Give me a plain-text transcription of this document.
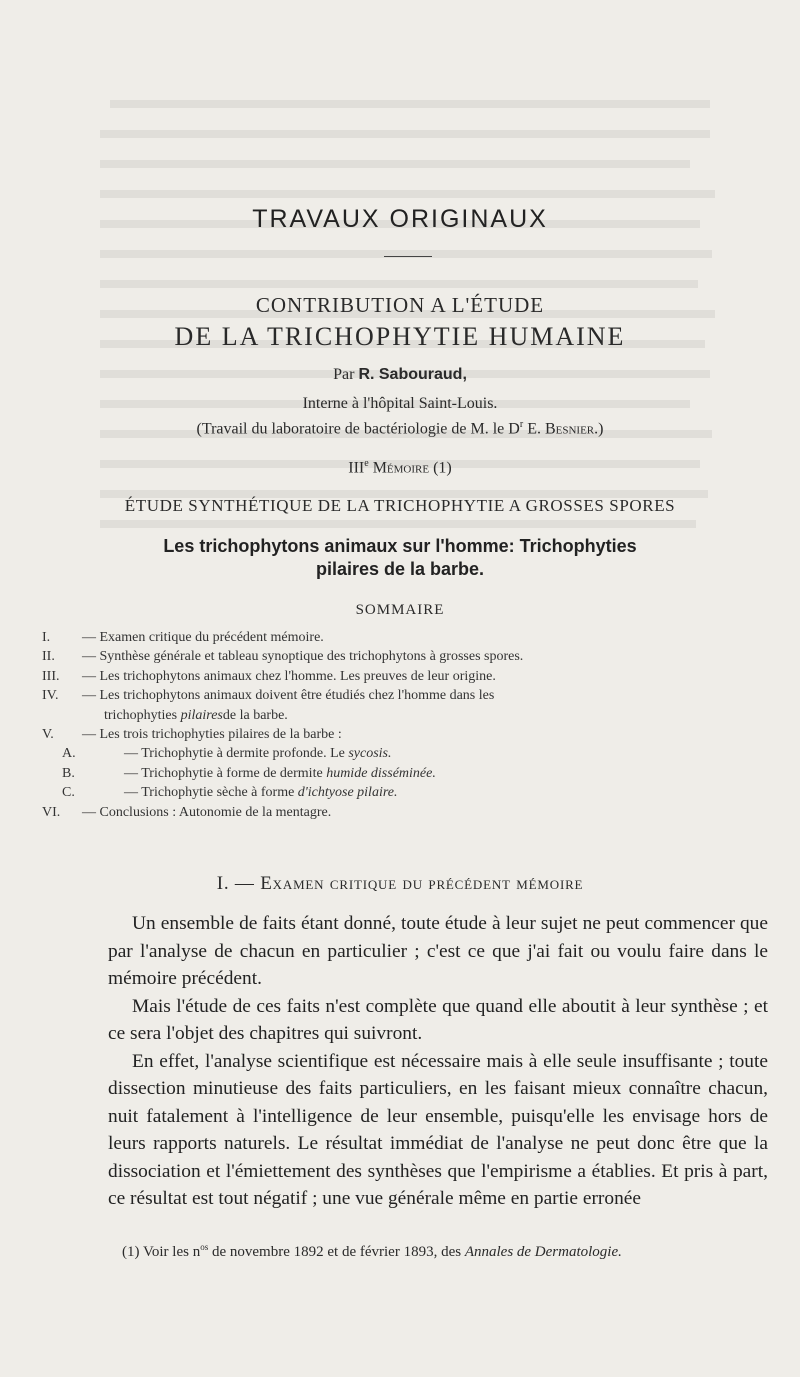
TRAVAUX ORIGINAUX
CONTRIBUTION A L'ÉTUDE
DE LA TRICHOPHYTIE HUMAINE
Par R. Sabouraud,
Interne à l'hôpital Saint-Louis.
(Travail du laboratoire de bactériologie de M. le $D^r$ E. Besnier.)
IIIe Mémoire (1)
ÉTUDE SYNTHÉTIQUE DE LA TRICHOPHYTIE A GROSSES SPORES
Les trichophytons animaux sur l'homme: Trichophyties
pilaires de la barbe.
SOMMAIRE
I.	— Examen critique du précédent mémoire.
II.	— Synthèse générale et tableau synoptique des trichophytons à grosses spores.
III.	— Les trichophytons animaux chez l'homme. Les preuves de leur origine.
IV.	— Les trichophytons animaux doivent être étudiés chez l'homme dans les
trichophyties
pilaires de la barbe.
V.	— Les trois trichophyties pilaires de la barbe :
A.	— Trichophytie à dermite profonde. Le
sycosis.
B.	— Trichophytie à forme de dermite
humide disséminée.
C.	— Trichophytie sèche à forme
d'ichtyose pilaire.
VI.	— Conclusions : Autonomie de la mentagre.
I. — Examen critique du précédent mémoire

Un ensemble de faits étant donné, toute étude à leur sujet ne peut commencer que par l'analyse de chacun en particulier ; c'est ce que j'ai fait ou voulu faire dans le mémoire précédent.

Mais l'étude de ces faits n'est complète que quand elle aboutit à leur synthèse ; et ce sera l'objet des chapitres qui suivront.

En effet, l'analyse scientifique est nécessaire mais à elle seule insuffisante ; toute dissection minutieuse des faits particuliers, en les faisant mieux connaître chacun, nuit fatalement à l'intelligence de leur ensemble, puisqu'elle les envisage hors de leurs rapports naturels. Le résultat immédiat de l'analyse ne peut donc être que la dissociation et l'émiettement des synthèses que l'empirisme a établies. Et pris à part, ce résultat est tout négatif ; une vue générale même en partie erronée

(1) Voir les $n^{os}$ de novembre 1892 et de février 1893, des Annales de Dermatologie.
